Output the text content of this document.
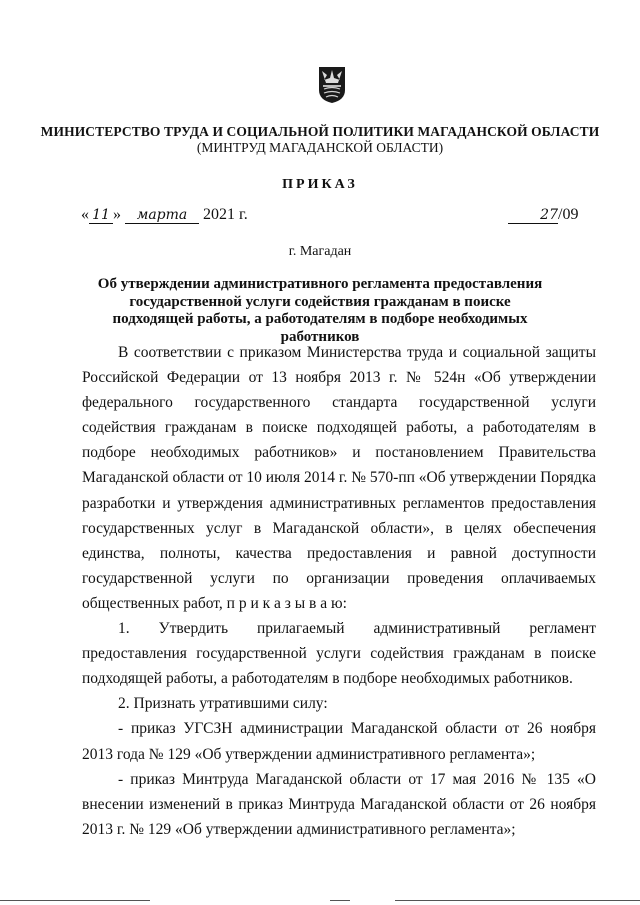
МИНИСТЕРСТВО ТРУДА И СОЦИАЛЬНОЙ ПОЛИТИКИ МАГАДАНСКОЙ ОБЛАСТИ
(МИНТРУД МАГАДАНСКОЙ ОБЛАСТИ)
ПРИКАЗ
« 11 » марта 2021 г.	27/09
г. Магадан
Об утверждении административного регламента предоставления государственной услуги содействия гражданам в поиске подходящей работы, а работодателям в подборе необходимых работников

В соответствии с приказом Министерства труда и социальной защиты Российской Федерации от 13 ноября 2013 г. № 524н «Об утверждении федерального государственного стандарта государственной услуги содействия гражданам в поиске подходящей работы, а работодателям в подборе необходимых работников» и постановлением Правительства Магаданской области от 10 июля 2014 г. № 570-пп «Об утверждении Порядка разработки и утверждения административных регламентов предоставления государственных услуг в Магаданской области», в целях обеспечения единства, полноты, качества предоставления и равной доступности государственной услуги по организации проведения оплачиваемых общественных работ, п р и к а з ы в а ю:

1. Утвердить прилагаемый административный регламент предоставления государственной услуги содействия гражданам в поиске подходящей работы, а работодателям в подборе необходимых работников.

2. Признать утратившими силу:

- приказ УГСЗН администрации Магаданской области от 26 ноября 2013 года № 129 «Об утверждении административного регламента»;

- приказ Минтруда Магаданской области от 17 мая 2016 № 135 «О внесении изменений в приказ Минтруда Магаданской области от 26 ноября 2013 г. № 129 «Об утверждении административного регламента»;
